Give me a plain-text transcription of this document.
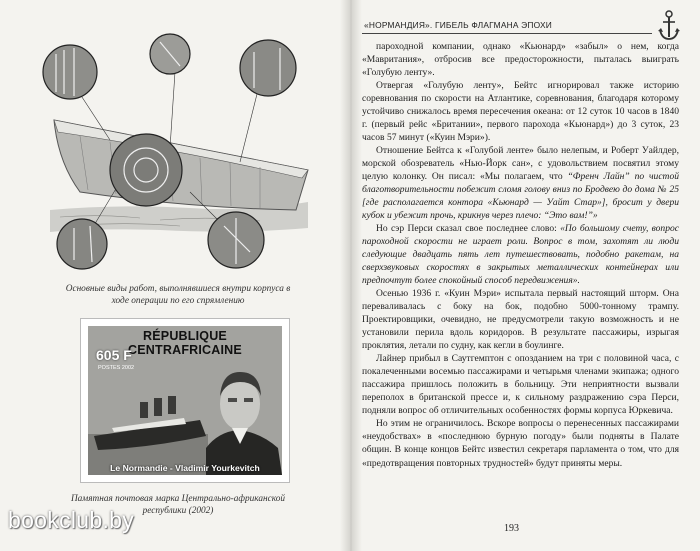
Основные виды работ, выполнявшиеся внутри корпуса в ходе операции по его спрямлению
RÉPUBLIQUE CENTRAFRICAINE
605 F
POSTES 2002
Le Normandie - Vladimir Yourkevitch
Памятная почтовая марка Центрально-африканской республики (2002)
«НОРМАНДИЯ». ГИБЕЛЬ ФЛАГМАНА ЭПОХИ

пароходной компании, однако «Кьюнард» «забыл» о нем, когда «Мавритания», отбросив все предосторожности, пыталась выиграть «Голубую ленту».

Отвергая «Голубую ленту», Бейтс игнорировал также историю соревнования по скорости на Атлантике, соревнования, благодаря которому устойчиво снижалось время пересечения океана: от 12 суток 10 часов в 1840 г. (первый рейс «Британии», первого парохода «Кьюнард») до 3 суток, 23 часов 57 минут («Куин Мэри»).

Отношение Бейтса к «Голубой ленте» было нелепым, и Роберт Уайлдер, морской обозреватель «Нью-Йорк сан», с удовольствием посвятил этому целую колонку. Он писал: «Мы полагаем, что “Френч Лайн” по чистой благотворительности побежит сломя голову вниз по Бродвею до дома № 25 [где располагается контора «Кьюнард — Уайт Стар»], бросит у двери кубок и убежит прочь, крикнув через плечо: “Это вам!”»

Но сэр Перси сказал свое последнее слово: «По большому счету, вопрос пароходной скорости не играет роли. Вопрос в том, захотят ли люди следующие двадцать пять лет путешествовать, подобно ракетам, на сверхзвуковых скоростях в закрытых металлических контейнерах или предпочтут более спокойный способ передвижения».

Осенью 1936 г. «Куин Мэри» испытала первый настоящий шторм. Она переваливалась с боку на бок, подобно 5000-тонному трампу. Проектировщики, очевидно, не предусмотрели такую возможность и не установили перила вдоль коридоров. В результате пассажиры, изрыгая проклятия, летали по судну, как кегли в боулинге.

Лайнер прибыл в Саутгемптон с опозданием на три с половиной часа, с покалеченными восемью пассажирами и четырьмя членами экипажа; одного пассажира пришлось положить в больницу. Эти неприятности вызвали переполох в британской прессе и, к сильному раздражению сэра Перси, подняли вопрос об отличительных особенностях формы корпуса Юркевича.

Но этим не ограничилось. Вскоре вопросы о перенесенных пассажирами «неудобствах» в «последнюю бурную погоду» были подняты в Палате общин. В конце концов Бейтс известил секретаря парламента о том, что для «предотвращения повторных трудностей» будут приняты меры.

193
bookclub.by
